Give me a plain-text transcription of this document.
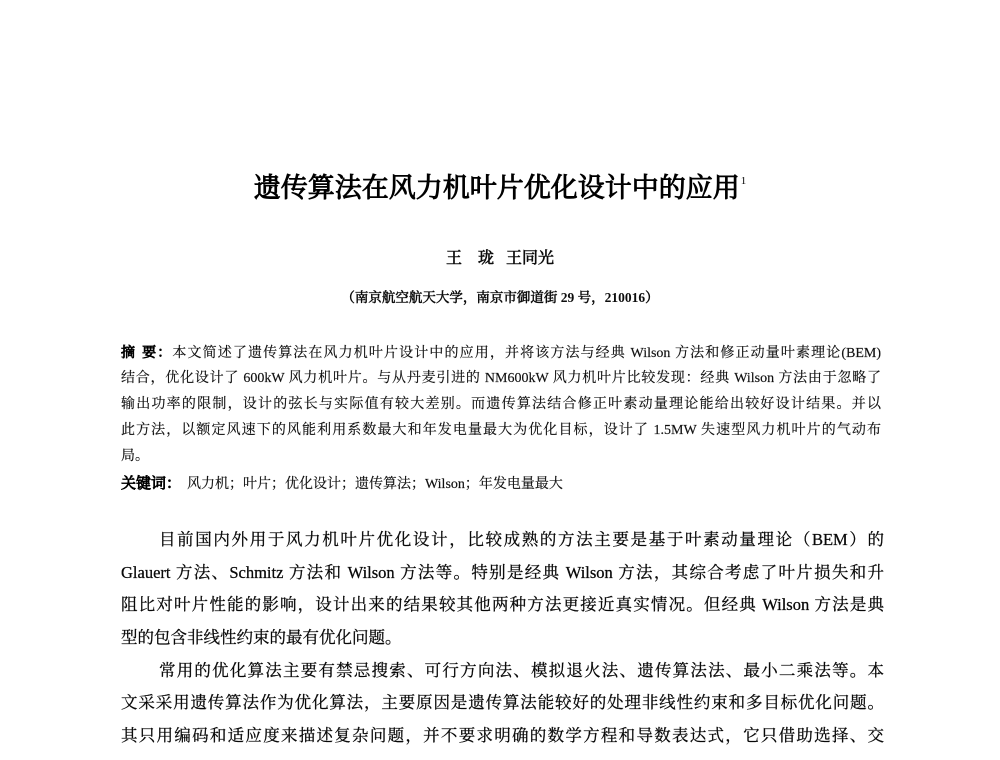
遗传算法在风力机叶片优化设计中的应用$^1$
王　珑 王同光
（南京航空航天大学，南京市御道街 29 号，210016）
摘 要：本文简述了遗传算法在风力机叶片设计中的应用，并将该方法与经典 Wilson 方法和修正动量叶素理论(BEM)
结合，优化设计了 600kW 风力机叶片。与从丹麦引进的 NM600kW 风力机叶片比较发现：经典 Wilson 方法由于忽略了
输出功率的限制，设计的弦长与实际值有较大差别。而遗传算法结合修正叶素动量理论能给出较好设计结果。并以
此方法，以额定风速下的风能利用系数最大和年发电量最大为优化目标，设计了 1.5MW 失速型风力机叶片的气动布
局。
关键词： 风力机；叶片；优化设计；遗传算法；Wilson；年发电量最大
目前国内外用于风力机叶片优化设计，比较成熟的方法主要是基于叶素动量理论（BEM）的
Glauert 方法、Schmitz 方法和 Wilson 方法等。特别是经典 Wilson 方法，其综合考虑了叶片损失和升
阻比对叶片性能的影响，设计出来的结果较其他两种方法更接近真实情况。但经典 Wilson 方法是典
型的包含非线性约束的最有优化问题。
常用的优化算法主要有禁忌搜索、可行方向法、模拟退火法、遗传算法法、最小二乘法等。本
文采采用遗传算法作为优化算法，主要原因是遗传算法能较好的处理非线性约束和多目标优化问题。
其只用编码和适应度来描述复杂问题，并不要求明确的数学方程和导数表达式，它只借助选择、交
